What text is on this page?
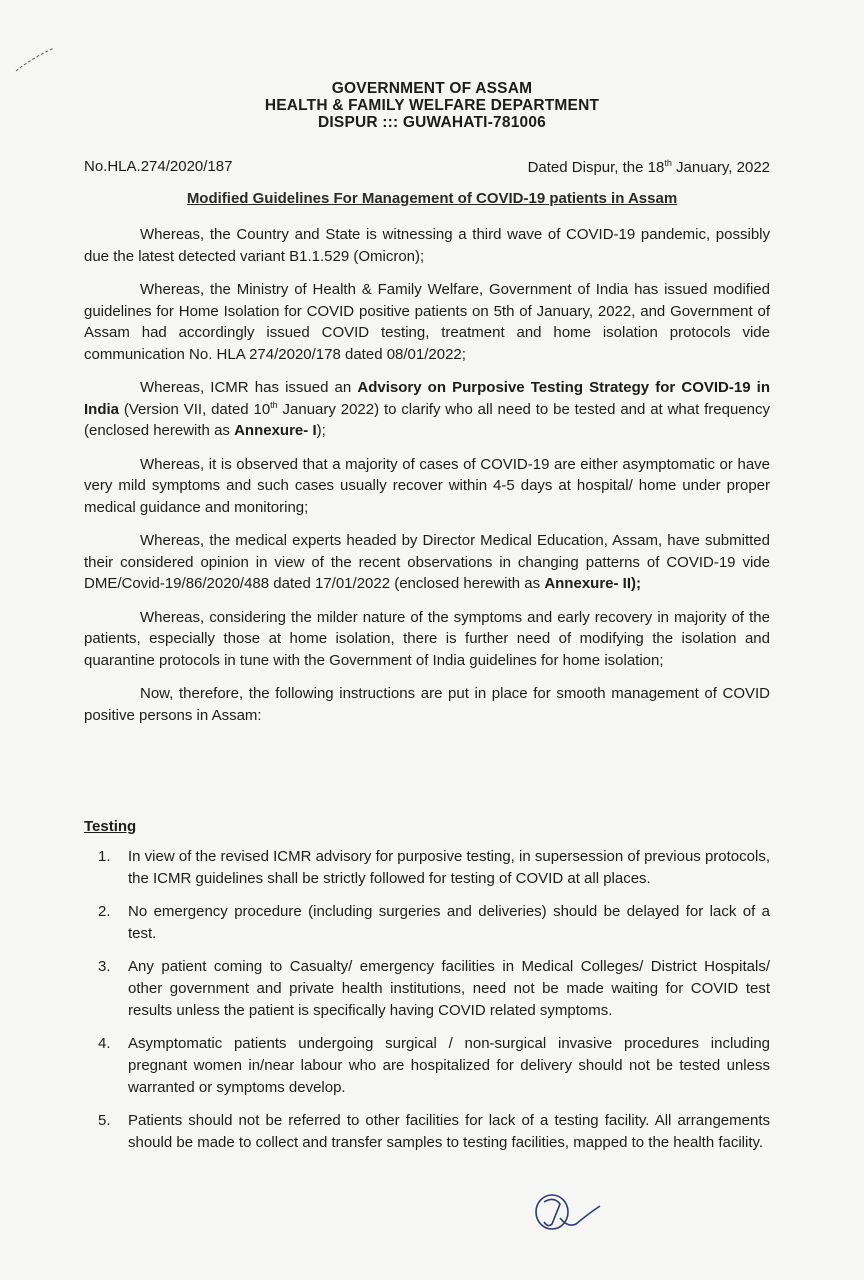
GOVERNMENT OF ASSAM
HEALTH & FAMILY WELFARE DEPARTMENT
DISPUR ::: GUWAHATI-781006
No.HLA.274/2020/187	Dated Dispur, the 18th January, 2022
Modified Guidelines For Management of COVID-19 patients in Assam

Whereas, the Country and State is witnessing a third wave of COVID-19 pandemic, possibly due the latest detected variant B1.1.529 (Omicron);

Whereas, the Ministry of Health & Family Welfare, Government of India has issued modified guidelines for Home Isolation for COVID positive patients on 5th of January, 2022, and Government of Assam had accordingly issued COVID testing, treatment and home isolation protocols vide communication No. HLA 274/2020/178 dated 08/01/2022;

Whereas, ICMR has issued an Advisory on Purposive Testing Strategy for COVID-19 in India (Version VII, dated 10th January 2022) to clarify who all need to be tested and at what frequency (enclosed herewith as Annexure- I);

Whereas, it is observed that a majority of cases of COVID-19 are either asymptomatic or have very mild symptoms and such cases usually recover within 4-5 days at hospital/ home under proper medical guidance and monitoring;

Whereas, the medical experts headed by Director Medical Education, Assam, have submitted their considered opinion in view of the recent observations in changing patterns of COVID-19 vide DME/Covid-19/86/2020/488 dated 17/01/2022 (enclosed herewith as Annexure- II);

Whereas, considering the milder nature of the symptoms and early recovery in majority of the patients, especially those at home isolation, there is further need of modifying the isolation and quarantine protocols in tune with the Government of India guidelines for home isolation;

Now, therefore, the following instructions are put in place for smooth management of COVID positive persons in Assam:

Testing
1. In view of the revised ICMR advisory for purposive testing, in supersession of previous protocols, the ICMR guidelines shall be strictly followed for testing of COVID at all places.
2. No emergency procedure (including surgeries and deliveries) should be delayed for lack of a test.
3. Any patient coming to Casualty/ emergency facilities in Medical Colleges/ District Hospitals/ other government and private health institutions, need not be made waiting for COVID test results unless the patient is specifically having COVID related symptoms.
4. Asymptomatic patients undergoing surgical / non-surgical invasive procedures including pregnant women in/near labour who are hospitalized for delivery should not be tested unless warranted or symptoms develop.
5. Patients should not be referred to other facilities for lack of a testing facility. All arrangements should be made to collect and transfer samples to testing facilities, mapped to the health facility.
